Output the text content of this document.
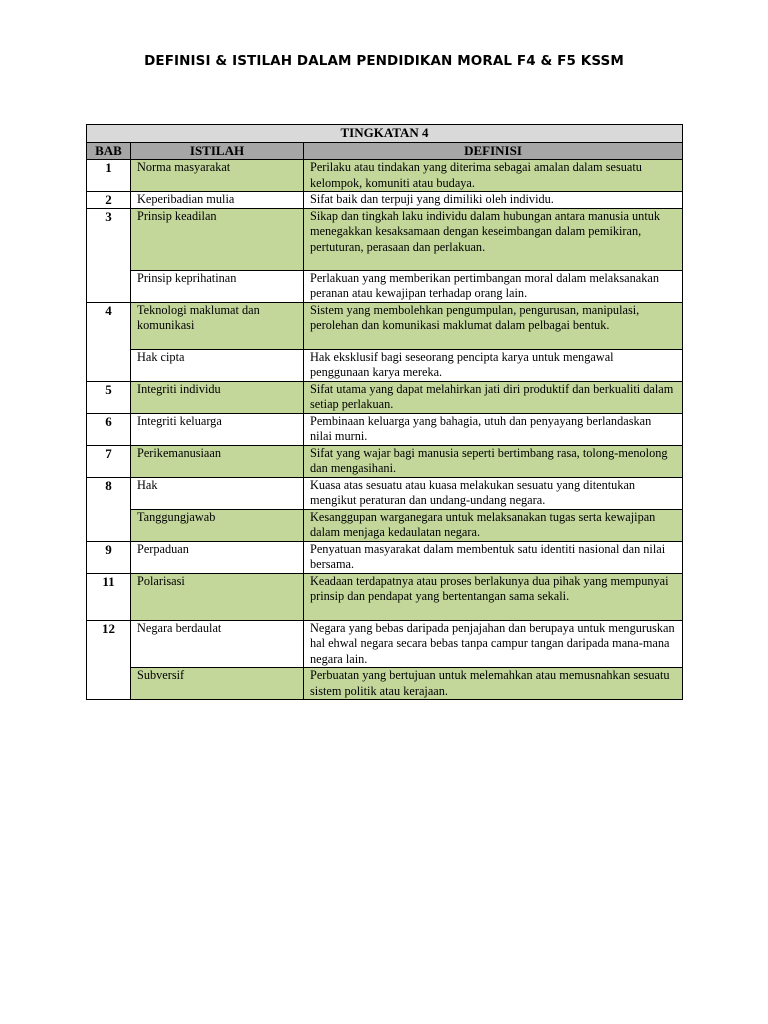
DEFINISI & ISTILAH DALAM PENDIDIKAN MORAL F4 & F5 KSSM
TINGKATAN 4		
BAB	ISTILAH	DEFINISI
1	Norma masyarakat	Perilaku atau tindakan yang diterima sebagai amalan dalam sesuatu kelompok, komuniti atau budaya.
2	Keperibadian mulia	Sifat baik dan terpuji yang dimiliki oleh individu.
3	Prinsip keadilan	Sikap dan tingkah laku individu dalam hubungan antara manusia untuk menegakkan kesaksamaan dengan keseimbangan dalam pemikiran, pertuturan, perasaan dan perlakuan.
	Prinsip keprihatinan	Perlakuan yang memberikan pertimbangan moral dalam melaksanakan peranan atau kewajipan terhadap orang lain.
4	Teknologi maklumat dan komunikasi	Sistem yang membolehkan pengumpulan, pengurusan, manipulasi, perolehan dan komunikasi maklumat dalam pelbagai bentuk.
	Hak cipta	Hak eksklusif bagi seseorang pencipta karya untuk mengawal penggunaan karya mereka.
5	Integriti individu	Sifat utama yang dapat melahirkan jati diri produktif dan berkualiti dalam setiap perlakuan.
6	Integriti keluarga	Pembinaan keluarga yang bahagia, utuh dan penyayang berlandaskan nilai murni.
7	Perikemanusiaan	Sifat yang wajar bagi manusia seperti bertimbang rasa, tolong-menolong dan mengasihani.
8	Hak	Kuasa atas sesuatu atau kuasa melakukan sesuatu yang ditentukan mengikut peraturan dan undang-undang negara.
	Tanggungjawab	Kesanggupan warganegara untuk melaksanakan tugas serta kewajipan dalam menjaga kedaulatan negara.
9	Perpaduan	Penyatuan masyarakat dalam membentuk satu identiti nasional dan nilai bersama.
11	Polarisasi	Keadaan terdapatnya atau proses berlakunya dua pihak yang mempunyai prinsip dan pendapat yang bertentangan sama sekali.
12	Negara berdaulat	Negara yang bebas daripada penjajahan dan berupaya untuk menguruskan hal ehwal negara secara bebas tanpa campur tangan daripada mana-mana negara lain.
	Subversif	Perbuatan yang bertujuan untuk melemahkan atau memusnahkan sesuatu sistem politik atau kerajaan.
